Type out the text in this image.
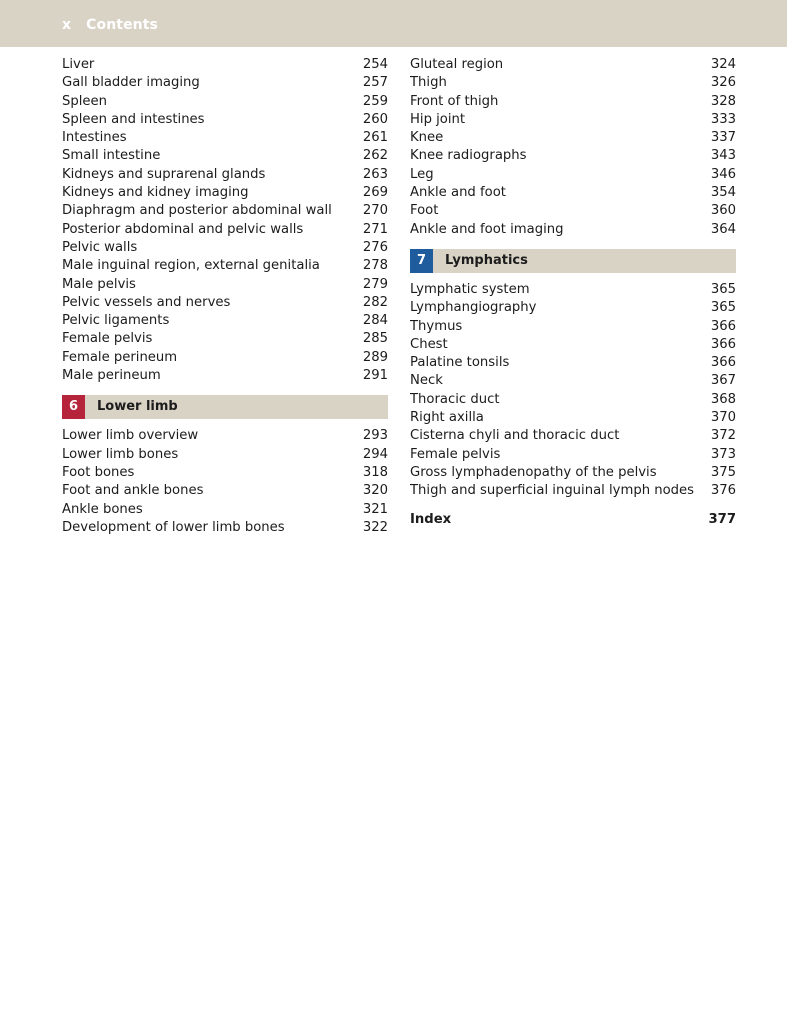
x Contents
Liver	254
Gall bladder imaging	257
Spleen	259
Spleen and intestines	260
Intestines	261
Small intestine	262
Kidneys and suprarenal glands	263
Kidneys and kidney imaging	269
Diaphragm and posterior abdominal wall 270
Posterior abdominal and pelvic walls	271
Pelvic walls	276
Male inguinal region, external genitalia	278
Male pelvis	279
Pelvic vessels and nerves	282
Pelvic ligaments	284
Female pelvis	285
Female perineum	289
Male perineum	291
6	Lower limb
Lower limb overview	293
Lower limb bones	294
Foot bones	318
Foot and ankle bones	320
Ankle bones	321
Development of lower limb bones	322
Gluteal region	324
Thigh	326
Front of thigh	328
Hip joint	333
Knee	337
Knee radiographs	343
Leg	346
Ankle and foot	354
Foot	360
Ankle and foot imaging	364
7	Lymphatics
Lymphatic system	365
Lymphangiography	365
Thymus	366
Chest	366
Palatine tonsils	366
Neck	367
Thoracic duct	368
Right axilla	370
Cisterna chyli and thoracic duct	372
Female pelvis	373
Gross lymphadenopathy of the pelvis	375
Thigh and superficial inguinal lymph nodes 376
Index	377
